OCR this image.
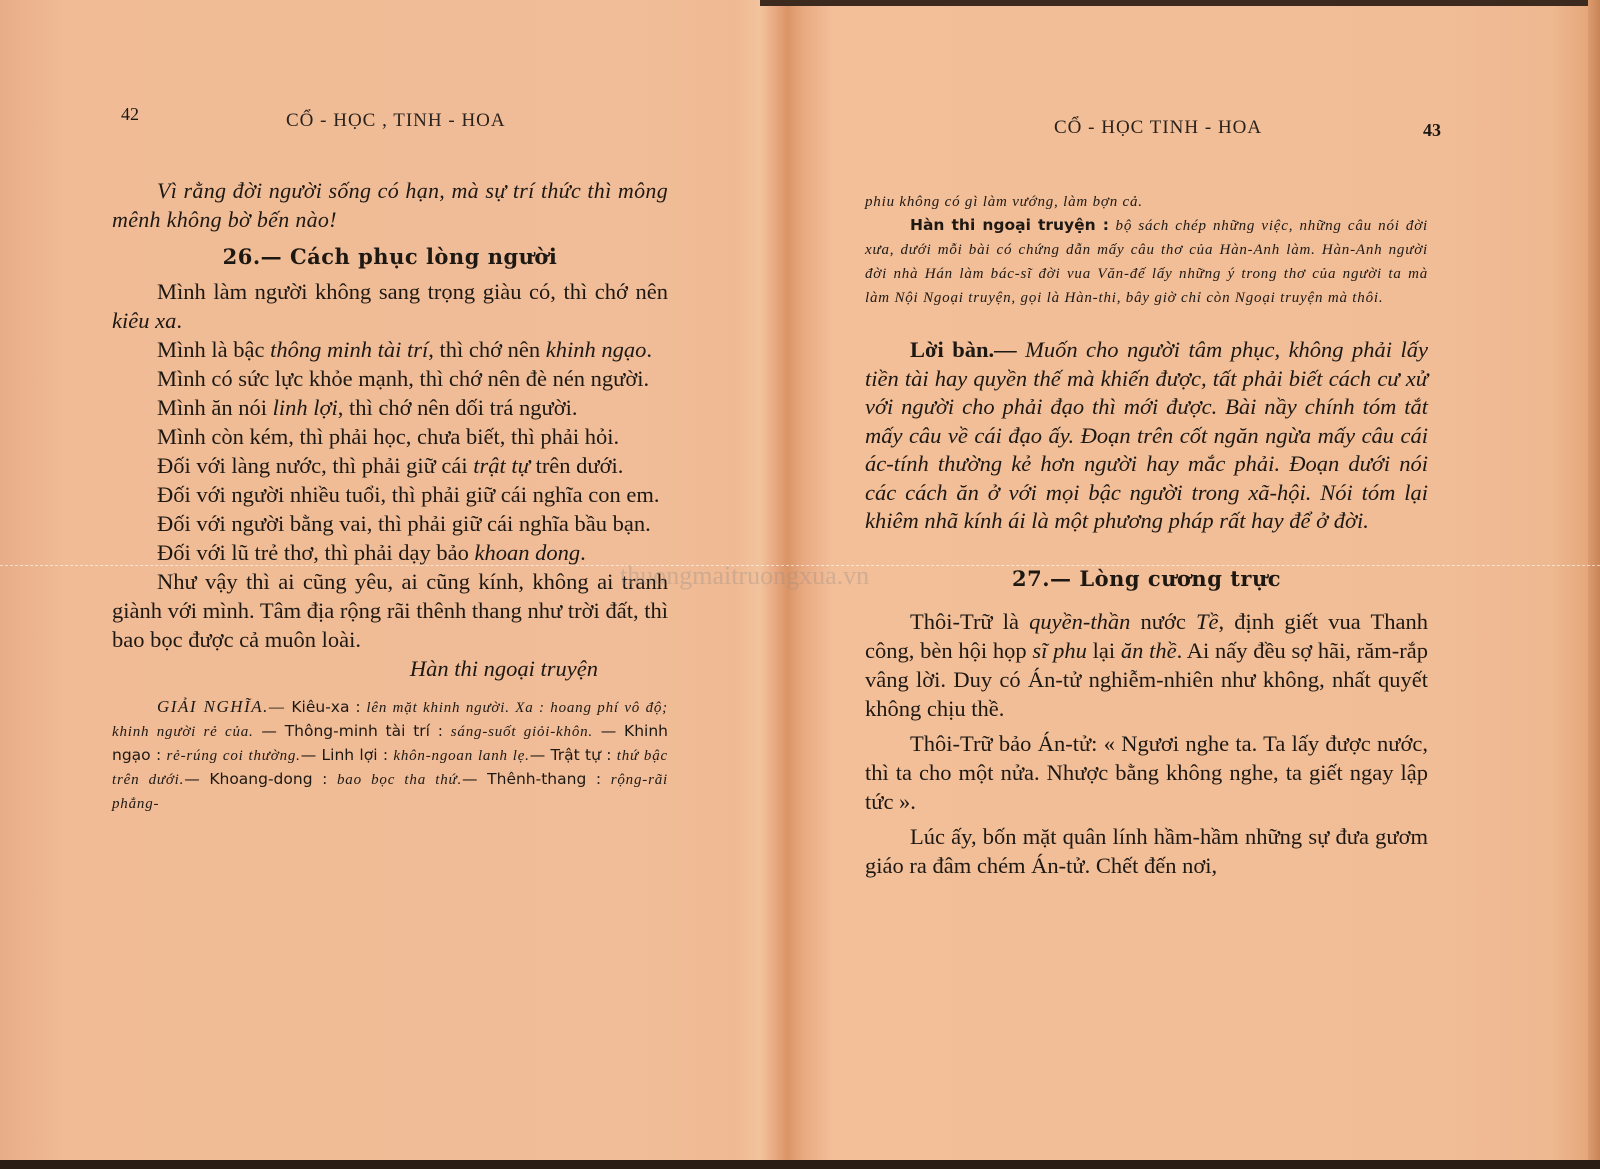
42	CỔ - HỌC , TINH - HOA

Vì rằng đời người sống có hạn, mà sự trí thức thì mông mênh không bờ bến nào!

26.— Cách phục lòng người

Mình làm người không sang trọng giàu có, thì chớ nên kiêu xa.

Mình là bậc thông minh tài trí, thì chớ nên khinh ngạo.

Mình có sức lực khỏe mạnh, thì chớ nên đè nén người.

Mình ăn nói linh lợi, thì chớ nên dối trá người.

Mình còn kém, thì phải học, chưa biết, thì phải hỏi.

Đối với làng nước, thì phải giữ cái trật tự trên dưới.

Đối với người nhiều tuổi, thì phải giữ cái nghĩa con em.

Đối với người bằng vai, thì phải giữ cái nghĩa bầu bạn.

Đối với lũ trẻ thơ, thì phải dạy bảo khoan dong.

Như vậy thì ai cũng yêu, ai cũng kính, không ai tranh giành với mình. Tâm địa rộng rãi thênh thang như trời đất, thì bao bọc được cả muôn loài.

Hàn thi ngoại truyện

GIẢI NGHĨA.— Kiêu-xa : lên mặt khinh người. Xa : hoang phí vô độ; khinh người rẻ của. — Thông-minh tài trí : sáng-suốt giỏi-khôn. — Khinh ngạo : rẻ-rúng coi thường.— Linh lợi : khôn-ngoan lanh lẹ.— Trật tự : thứ bậc trên dưới.— Khoang-dong : bao bọc tha thứ.— Thênh-thang : rộng-rãi phẳng-

CỔ - HỌC TINH - HOA	43

phiu không có gì làm vướng, làm bợn cả.

Hàn thi ngoại truyện : bộ sách chép những việc, những câu nói đời xưa, dưới mỗi bài có chứng dẫn mấy câu thơ của Hàn-Anh làm. Hàn-Anh người đời nhà Hán làm bác-sĩ đời vua Văn-đế lấy những ý trong thơ của người ta mà làm Nội Ngoại truyện, gọi là Hàn-thi, bây giờ chỉ còn Ngoại truyện mà thôi.

Lời bàn.— Muốn cho người tâm phục, không phải lấy tiền tài hay quyền thế mà khiến được, tất phải biết cách cư xử với người cho phải đạo thì mới được. Bài nầy chính tóm tắt mấy câu về cái đạo ấy. Đoạn trên cốt ngăn ngừa mấy câu cái ác-tính thường kẻ hơn người hay mắc phải. Đoạn dưới nói các cách ăn ở với mọi bậc người trong xã-hội. Nói tóm lại khiêm nhã kính ái là một phương pháp rất hay để ở đời.

27.— Lòng cương trực

Thôi-Trữ là quyền-thần nước Tề, định giết vua Thanh công, bèn hội họp sĩ phu lại ăn thề. Ai nấy đều sợ hãi, răm-rắp vâng lời. Duy có Án-tử nghiễm-nhiên như không, nhất quyết không chịu thề.

Thôi-Trữ bảo Án-tử: « Ngươi nghe ta. Ta lấy được nước, thì ta cho một nửa. Nhược bằng không nghe, ta giết ngay lập tức ».

Lúc ấy, bốn mặt quân lính hầm-hầm những sự đưa gươm giáo ra đâm chém Án-tử. Chết đến nơi,

thuongmaitruongxua.vn
